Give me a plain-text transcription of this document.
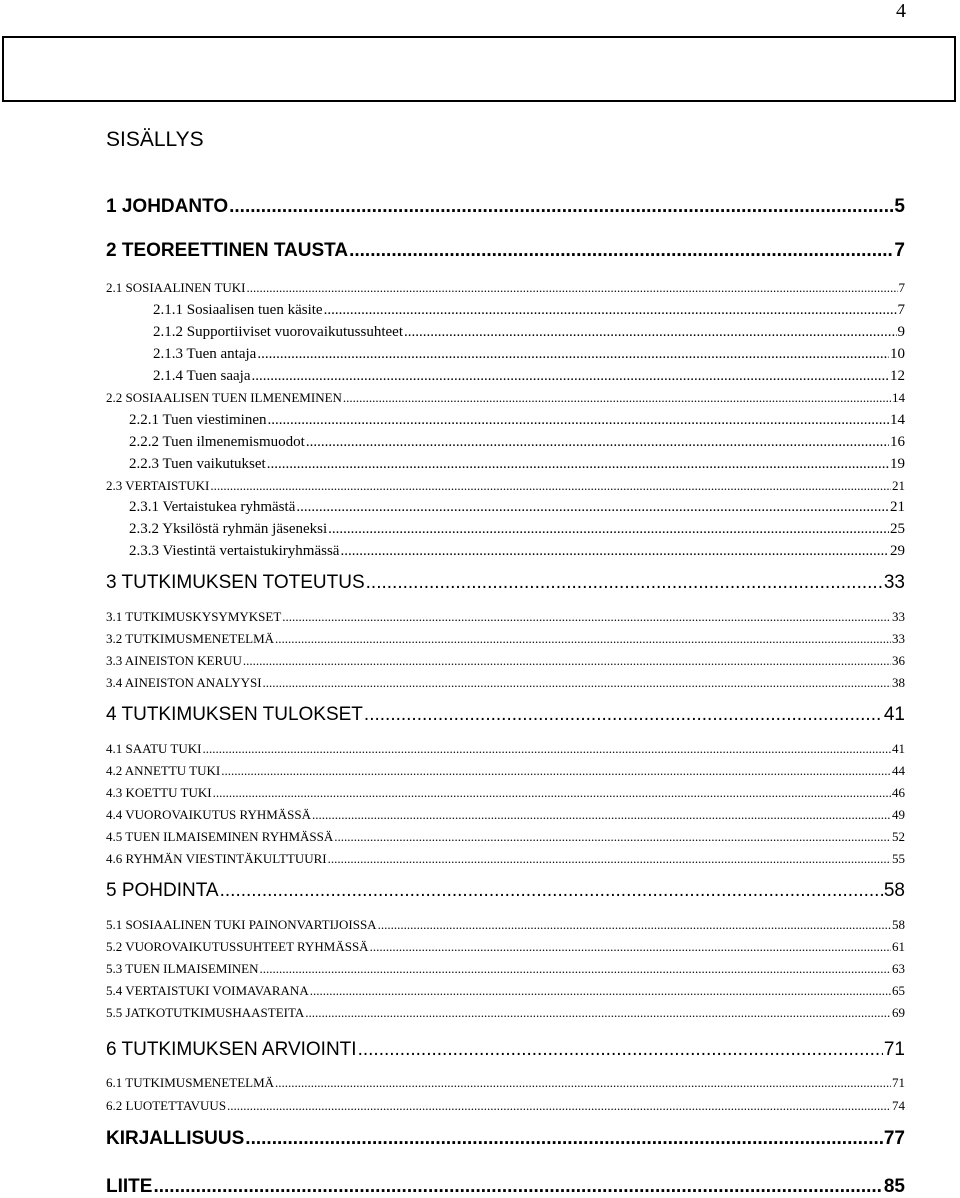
4
SISÄLLYS
1 JOHDANTO .....	5
2 TEOREETTINEN TAUSTA .....	7
2.1 SOSIAALINEN TUKI .....	7
2.1.1 Sosiaalisen tuen käsite .....	7
2.1.2 Supportiiviset vuorovaikutussuhteet .....	9
2.1.3 Tuen antaja .....	10
2.1.4 Tuen saaja .....	12
2.2 SOSIAALISEN TUEN ILMENEMINEN .....	14
2.2.1 Tuen viestiminen .....	14
2.2.2 Tuen ilmenemismuodot .....	16
2.2.3 Tuen vaikutukset .....	19
2.3 VERTAISTUKI .....	21
2.3.1 Vertaistukea ryhmästä .....	21
2.3.2 Yksilöstä ryhmän jäseneksi .....	25
2.3.3 Viestintä vertaistukiryhmässä .....	29
3 TUTKIMUKSEN TOTEUTUS .....	33
3.1 TUTKIMUSKYSYMYKSET .....	33
3.2 TUTKIMUSMENETELMÄ .....	33
3.3 AINEISTON KERUU .....	36
3.4 AINEISTON ANALYYSI .....	38
4 TUTKIMUKSEN TULOKSET .....	41
4.1 SAATU TUKI .....	41
4.2 ANNETTU TUKI .....	44
4.3 KOETTU TUKI .....	46
4.4 VUOROVAIKUTUS RYHMÄSSÄ .....	49
4.5 TUEN ILMAISEMINEN RYHMÄSSÄ .....	52
4.6 RYHMÄN VIESTINTÄKULTTUURI .....	55
5 POHDINTA .....	58
5.1 SOSIAALINEN TUKI PAINONVARTIJOISSA .....	58
5.2 VUOROVAIKUTUSSUHTEET RYHMÄSSÄ .....	61
5.3 TUEN ILMAISEMINEN .....	63
5.4 VERTAISTUKI VOIMAVARANA .....	65
5.5 JATKOTUTKIMUSHAASTEITA .....	69
6 TUTKIMUKSEN ARVIOINTI .....	71
6.1 TUTKIMUSMENETELMÄ .....	71
6.2 LUOTETTAVUUS .....	74
KIRJALLISUUS .....	77
LIITE .....	85
